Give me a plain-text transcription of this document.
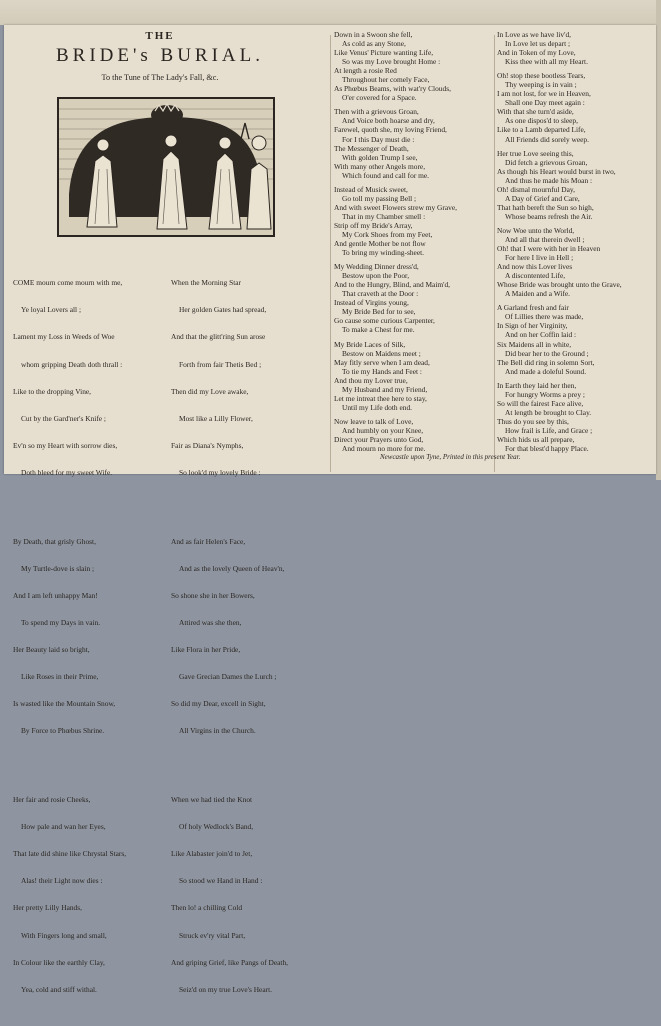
THE
BRIDE's BURIAL.
To the Tune of The Lady's Fall, &c.

COME mourn come mourn with me,

Ye loyal Lovers all ;

Lament my Loss in Weeds of Woe

whom gripping Death doth thrall :

Like to the dropping Vine,

Cut by the Gard'ner's Knife ;

Ev'n so my Heart with sorrow dies,

Doth bleed for my sweet Wife.

By Death, that grisly Ghost,

My Turtle-dove is slain ;

And I am left unhappy Man!

To spend my Days in vain.

Her Beauty laid so bright,

Like Roses in their Prime,

Is wasted like the Mountain Snow,

By Force to Phœbus Shrine.

Her fair and rosie Cheeks,

How pale and wan her Eyes,

That late did shine like Chrystal Stars,

Alas! their Light now dies :

Her pretty Lilly Hands,

With Fingers long and small,

In Colour like the earthly Clay,

Yea, cold and stiff withal.

When the Morning Star

Her golden Gates had spread,

And that the glitt'ring Sun arose

Forth from fair Thetis Bed ;

Then did my Love awake,

Most like a Lilly Flower,

Fair as Diana's Nymphs,

So look'd my lovely Bride :

And as fair Helen's Face,

And as the lovely Queen of Heav'n,

So shone she in her Bowers,

Attired was she then,

Like Flora in her Pride,

Gave Grecian Dames the Lurch ;

So did my Dear, excell in Sight,

All Virgins in the Church.

When we had tied the Knot

Of holy Wedlock's Band,

Like Alabaster join'd to Jet,

So stood we Hand in Hand :

Then lo! a chilling Cold

Struck ev'ry vital Part,

And griping Grief, like Pangs of Death,

Seiz'd on my true Love's Heart.

Down in a Swoon she fell,
As cold as any Stone,
Like Venus' Picture wanting Life,
So was my Love brought Home :
At length a rosie Red
Throughout her comely Face,
As Phœbus Beams, with wat'ry Clouds,
O'er covered for a Space.
Then with a grievous Groan,
And Voice both hoarse and dry,
Farewel, quoth she, my loving Friend,
For I this Day must die :
The Messenger of Death,
With golden Trump I see,
With many other Angels more,
Which found and call for me.
Instead of Musick sweet,
Go toll my passing Bell ;
And with sweet Flowers strew my Grave,
That in my Chamber smell :
Strip off my Bride's Array,
My Cork Shoes from my Feet,
And gentle Mother be not flow
To bring my winding-sheet.
My Wedding Dinner dress'd,
Bestow upon the Poor,
And to the Hungry, Blind, and Maim'd,
That craveth at the Door :
Instead of Virgins young,
My Bride Bed for to see,
Go cause some curious Carpenter,
To make a Chest for me.
My Bride Laces of Silk,
Bestow on Maidens meet ;
May fitly serve when I am dead,
To tie my Hands and Feet :
And thou my Lover true,
My Husband and my Friend,
Let me intreat thee here to stay,
Until my Life doth end.
Now leave to talk of Love,
And humbly on your Knee,
Direct your Prayers unto God,
And mourn no more for me.
In Love as we have liv'd,
In Love let us depart ;
And in Token of my Love,
Kiss thee with all my Heart.
Oh! stop these bootless Tears,
Thy weeping is in vain ;
I am not lost, for we in Heaven,
Shall one Day meet again :
With that she turn'd aside,
As one dispos'd to sleep,
Like to a Lamb departed Life,
All Friends did sorely weep.
Her true Love seeing this,
Did fetch a grievous Groan,
As though his Heart would burst in two,
And thus he made his Moan :
Oh! dismal mournful Day,
A Day of Grief and Care,
That hath bereft the Sun so high,
Whose beams refresh the Air.
Now Woe unto the World,
And all that therein dwell ;
Oh! that I were with her in Heaven
For here I live in Hell ;
And now this Lover lives
A discontented Life,
Whose Bride was brought unto the Grave,
A Maiden and a Wife.
A Garland fresh and fair
Of Lillies there was made,
In Sign of her Virginity,
And on her Coffin laid :
Six Maidens all in white,
Did bear her to the Ground ;
The Bell did ring in solemn Sort,
And made a doleful Sound.
In Earth they laid her then,
For hungry Worms a prey ;
So will the fairest Face alive,
At length be brought to Clay.
Thus do you see by this,
How frail is Life, and Grace ;
Which hids us all prepare,
For that blest'd happy Place.
Newcastle upon Tyne, Printed in this present Year.
